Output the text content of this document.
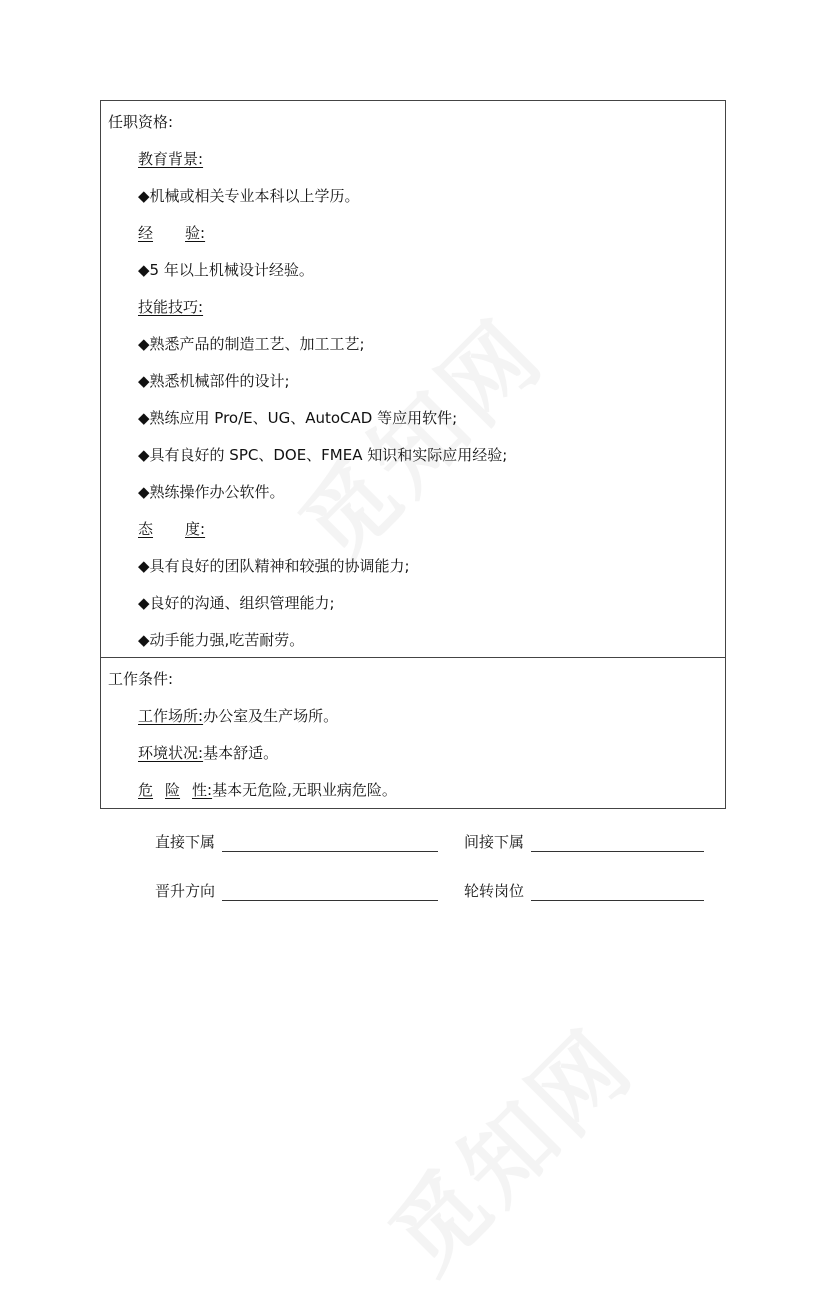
任职资格:
教育背景:
◆机械或相关专业本科以上学历。
经 验:
◆5 年以上机械设计经验。
技能技巧:
◆熟悉产品的制造工艺、加工工艺;
◆熟悉机械部件的设计;
◆熟练应用 Pro/E、UG、AutoCAD 等应用软件;
◆具有良好的 SPC、DOE、FMEA 知识和实际应用经验;
◆熟练操作办公软件。
态 度:
◆具有良好的团队精神和较强的协调能力;
◆良好的沟通、组织管理能力;
◆动手能力强,吃苦耐劳。
工作条件:
工作场所:办公室及生产场所。
环境状况:基本舒适。
危 险 性:基本无危险,无职业病危险。
直接下属	间接下属
晋升方向	轮转岗位
